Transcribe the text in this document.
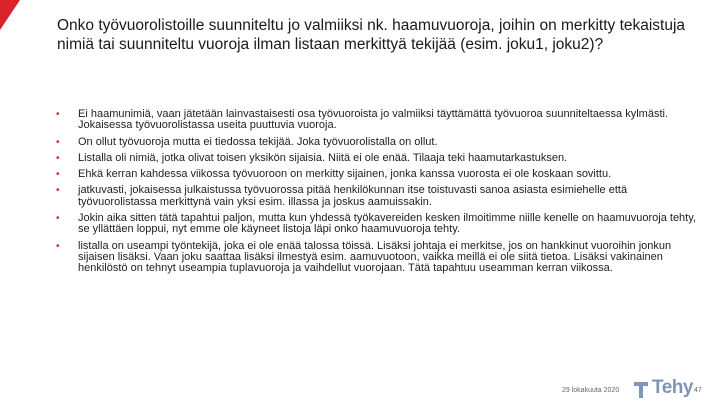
Onko työvuorolistoille suunniteltu jo valmiiksi nk. haamuvuoroja, joihin on merkitty tekaistuja nimiä tai suunniteltu vuoroja ilman listaan merkittyä tekijää (esim. joku1, joku2)?
• Ei haamunimiä, vaan jätetään lainvastaisesti osa työvuoroista jo valmiiksi täyttämättä työvuoroa suunniteltaessa kylmästi. Jokaisessa työvuorolistassa useita puuttuvia vuoroja.
• On ollut työvuoroja mutta ei tiedossa tekijää. Joka työvuorolistalla on ollut.
• Listalla oli nimiä, jotka olivat toisen yksikön sijaisia. Niitä ei ole enää. Tilaaja teki haamutarkastuksen.
• Ehkä kerran kahdessa viikossa työvuoroon on merkitty sijainen, jonka kanssa vuorosta ei ole koskaan sovittu.
• jatkuvasti, jokaisessa julkaistussa työvuorossa pitää henkilökunnan itse toistuvasti sanoa asiasta esimiehelle että työvuorolistassa merkittynä vain yksi esim. illassa ja joskus aamuissakin.
• Jokin aika sitten tätä tapahtui paljon, mutta kun yhdessä työkavereiden kesken ilmoitimme niille kenelle on haamuvuoroja tehty, se yllättäen loppui, nyt emme ole käyneet listoja läpi onko haamuvuoroja tehty.
• listalla on useampi työntekijä, joka ei ole enää talossa töissä. Lisäksi johtaja ei merkitse, jos on hankkinut vuoroihin jonkun sijaisen lisäksi. Vaan joku saattaa lisäksi ilmestyä esim. aamuvuotoon, vaikka meillä ei ole siitä tietoa. Lisäksi vakinainen henkilöstö on tehnyt useampia tuplavuoroja ja vaihdellut vuorojaan. Tätä tapahtuu useamman kerran viikossa.
29 lokakuuta 2020 Tehy 47
